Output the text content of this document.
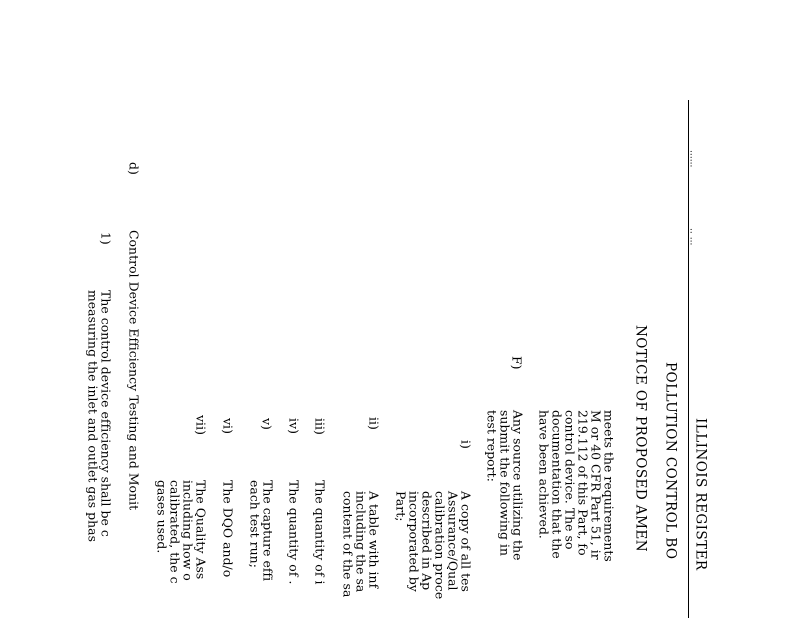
······
·· ···
ILLINOIS REGISTER
POLLUTION CONTROL BO
NOTICE OF PROPOSED AMEN
meets the requirements
M or 40 CFR Part 51, ir
219.112 of this Part, fo
control device. The so
documentation that the
have been achieved.
F)
Any source utilizing the
submit the following in
test report:
i)
A copy of all tes
Assurance/Qual
calibration proce
described in Ap
incorporated by
Part;
ii)
A table with inf
including the sa
content of the sa
iii)
The quantity of i
iv)
The quantity of .
v)
The capture effi
each test run;
vi)
The DQO and/o
vii)
The Quality Ass
including how o
calibrated, the c
gases used.
d)
Control Device Efficiency Testing and Monit
1)
The control device efficiency shall be c
measuring the inlet and outlet gas phas
